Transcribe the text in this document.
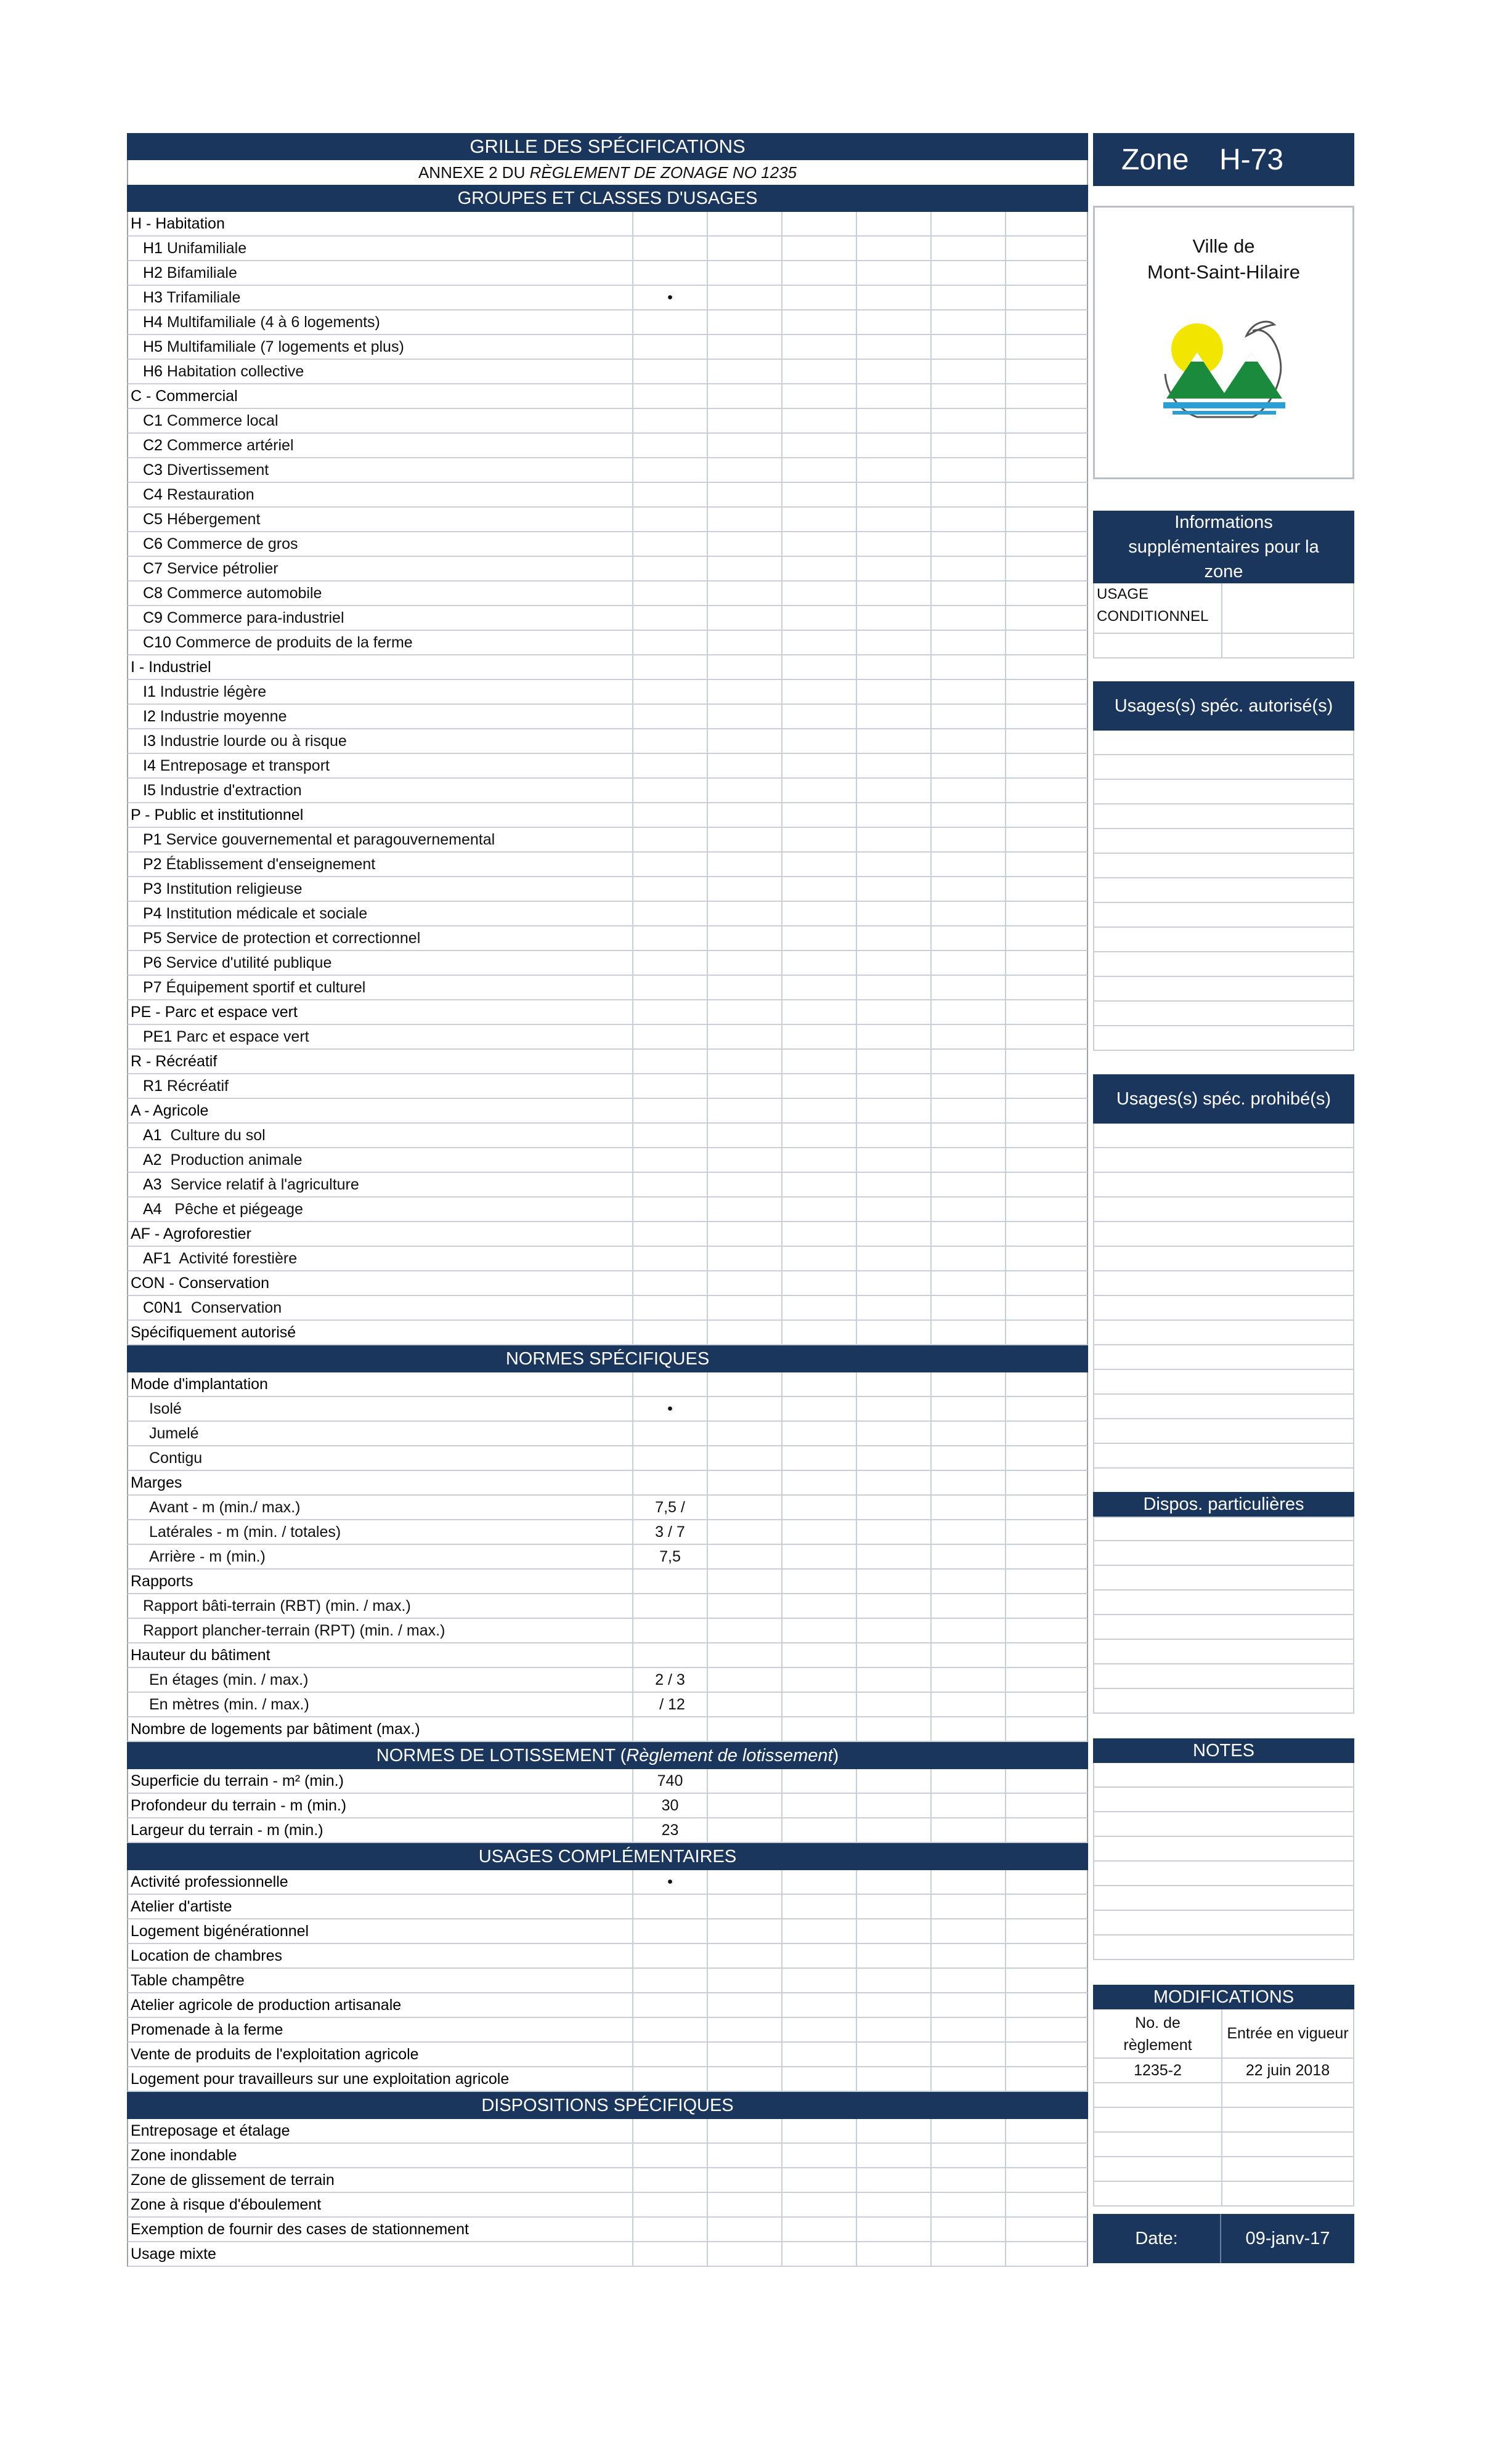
GRILLE DES SPÉCIFICATIONS
ANNEXE 2 DU RÈGLEMENT DE ZONAGE NO 1235
GROUPES ET CLASSES D'USAGES
H - Habitation
H1 Unifamiliale
H2 Bifamiliale
H3 Trifamiliale	•
H4 Multifamiliale (4 à 6 logements)
H5 Multifamiliale (7 logements et plus)
H6 Habitation collective
C - Commercial
C1 Commerce local
C2 Commerce artériel
C3 Divertissement
C4 Restauration
C5 Hébergement
C6 Commerce de gros
C7 Service pétrolier
C8 Commerce automobile
C9 Commerce para-industriel
C10 Commerce de produits de la ferme
I - Industriel
I1 Industrie légère
I2 Industrie moyenne
I3 Industrie lourde ou à risque
I4 Entreposage et transport
I5 Industrie d'extraction
P - Public et institutionnel
P1 Service gouvernemental et paragouvernemental
P2 Établissement d'enseignement
P3 Institution religieuse
P4 Institution médicale et sociale
P5 Service de protection et correctionnel
P6 Service d'utilité publique
P7 Équipement sportif et culturel
PE - Parc et espace vert
PE1 Parc et espace vert
R - Récréatif
R1 Récréatif
A - Agricole
A1  Culture du sol
A2  Production animale
A3  Service relatif à l'agriculture
A4   Pêche et piégeage
AF - Agroforestier
AF1  Activité forestière
CON - Conservation
C0N1  Conservation
Spécifiquement autorisé
NORMES SPÉCIFIQUES
Mode d'implantation
Isolé	•
Jumelé
Contigu
Marges
Avant - m (min./ max.)	7,5 /
Latérales - m (min. / totales)	3 / 7
Arrière - m (min.)	7,5
Rapports
Rapport bâti-terrain (RBT) (min. / max.)
Rapport plancher-terrain (RPT) (min. / max.)
Hauteur du bâtiment
En étages (min. / max.)	2 / 3
En mètres (min. / max.)	/ 12
Nombre de logements par bâtiment (max.)
NORMES DE LOTISSEMENT (Règlement de lotissement)
Superficie du terrain - m² (min.)	740
Profondeur du terrain - m (min.)	30
Largeur du terrain - m (min.)	23
USAGES COMPLÉMENTAIRES
Activité professionnelle	•
Atelier d'artiste
Logement bigénérationnel
Location de chambres
Table champêtre
Atelier agricole de production artisanale
Promenade à la ferme
Vente de produits de l'exploitation agricole
Logement pour travailleurs sur une exploitation agricole
DISPOSITIONS SPÉCIFIQUES
Entreposage et étalage
Zone inondable
Zone de glissement de terrain
Zone à risque d'éboulement
Exemption de fournir des cases de stationnement
Usage mixte
Zone	H-73
Ville de
Mont-Saint-Hilaire
Informations supplémentaires pour la zone
USAGE
CONDITIONNEL
Usages(s) spéc. autorisé(s)
Usages(s) spéc. prohibé(s)
Dispos. particulières
NOTES
MODIFICATIONS
No. de règlement
Entrée en vigueur
1235-2	22 juin 2018
Date:	09-janv-17
